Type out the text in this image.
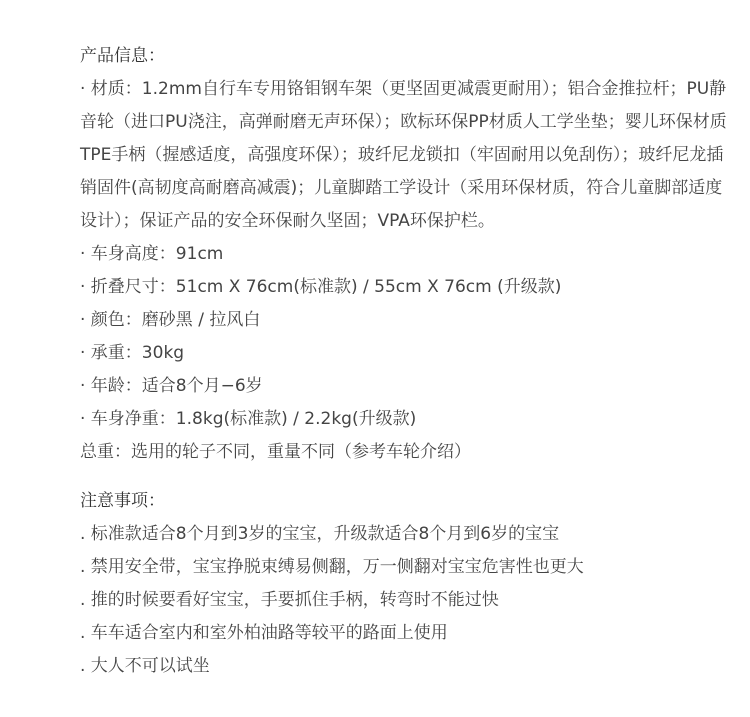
产品信息：
· 材质：1.2mm自行车专用铬钼钢车架（更坚固更减震更耐用）；铝合金推拉杆；PU静音轮（进口PU浇注，高弹耐磨无声环保）；欧标环保PP材质人工学坐垫；婴儿环保材质TPE手柄（握感适度，高强度环保）；玻纤尼龙锁扣（牢固耐用以免刮伤）；玻纤尼龙插销固件(高韧度高耐磨高减震)；儿童脚踏工学设计（采用环保材质，符合儿童脚部适度设计）；保证产品的安全环保耐久坚固；VPA环保护栏。
· 车身高度：91cm
· 折叠尺寸：51cm X 76cm(标准款) / 55cm X 76cm (升级款)
· 颜色：磨砂黑 / 拉风白
· 承重：30kg
· 年龄：适合8个月−6岁
· 车身净重：1.8kg(标准款) / 2.2kg(升级款)
总重：选用的轮子不同，重量不同（参考车轮介绍）
注意事项：
. 标准款适合8个月到3岁的宝宝，升级款适合8个月到6岁的宝宝
. 禁用安全带，宝宝挣脱束缚易侧翻，万一侧翻对宝宝危害性也更大
. 推的时候要看好宝宝，手要抓住手柄，转弯时不能过快
. 车车适合室内和室外柏油路等较平的路面上使用
. 大人不可以试坐
